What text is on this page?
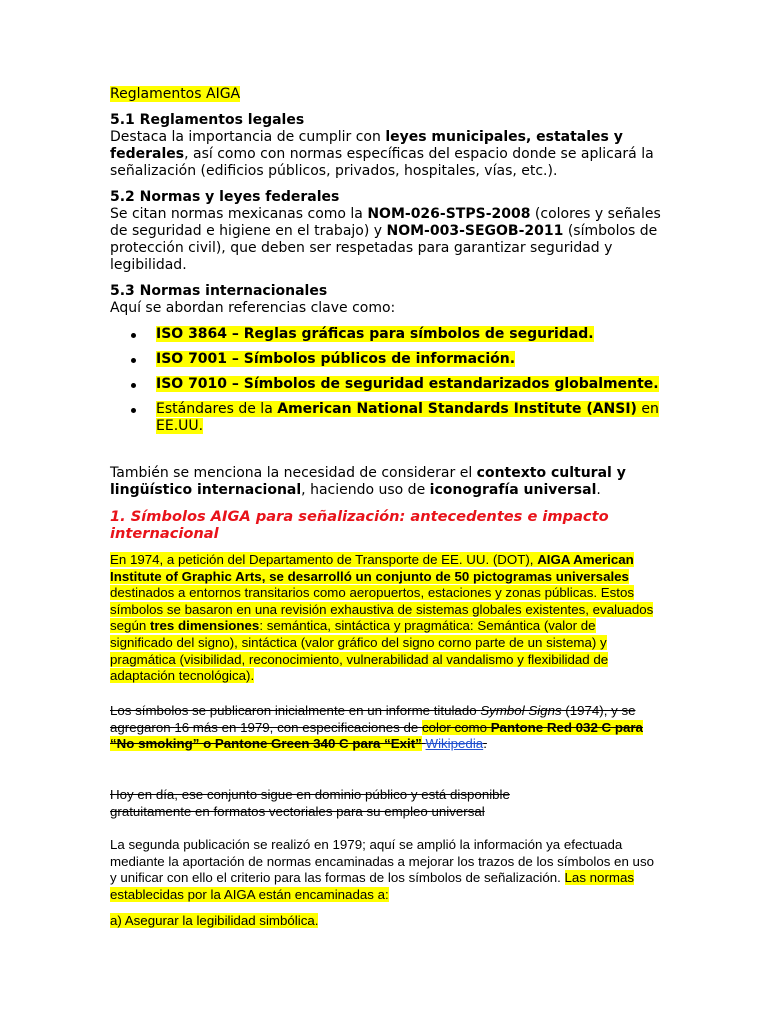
Reglamentos AIGA

5.1 Reglamentos legales
Destaca la importancia de cumplir con leyes municipales, estatales y federales, así como con normas específicas del espacio donde se aplicará la señalización (edificios públicos, privados, hospitales, vías, etc.).
5.2 Normas y leyes federales
Se citan normas mexicanas como la NOM-026-STPS-2008 (colores y señales de seguridad e higiene en el trabajo) y NOM-003-SEGOB-2011 (símbolos de protección civil), que deben ser respetadas para garantizar seguridad y legibilidad.
5.3 Normas internacionales
Aquí se abordan referencias clave como:
ISO 3864 – Reglas gráficas para símbolos de seguridad.
ISO 7001 – Símbolos públicos de información.
ISO 7010 – Símbolos de seguridad estandarizados globalmente.
Estándares de la American National Standards Institute (ANSI) en EE.UU.

También se menciona la necesidad de considerar el contexto cultural y lingüístico internacional, haciendo uso de iconografía universal.

1. Símbolos AIGA para señalización: antecedentes e impacto internacional

En 1974, a petición del Departamento de Transporte de EE. UU. (DOT), AIGA American Institute of Graphic Arts, se desarrolló un conjunto de 50 pictogramas universales destinados a entornos transitarios como aeropuertos, estaciones y zonas públicas. Estos símbolos se basaron en una revisión exhaustiva de sistemas globales existentes, evaluados según tres dimensiones: semántica, sintáctica y pragmática: Semántica (valor de significado del signo), sintáctica (valor gráfico del signo corno parte de un sistema) y pragmática (visibilidad, reconocimiento, vulnerabilidad al vandalismo y flexibilidad de adaptación tecnológica).

Los símbolos se publicaron inicialmente en un informe titulado Symbol Signs (1974), y se agregaron 16 más en 1979, con especificaciones de color como Pantone Red 032 C para “No smoking” o Pantone Green 340 C para “Exit” Wikipedia.

Hoy en día, ese conjunto sigue en dominio público y está disponible gratuitamente en formatos vectoriales para su empleo universal

La segunda publicación se realizó en 1979; aquí se amplió la información ya efectuada mediante la aportación de normas encaminadas a mejorar los trazos de los símbolos en uso y unificar con ello el criterio para las formas de los símbolos de señalización. Las normas establecidas por la AIGA están encaminadas a:

a) Asegurar la legibilidad simbólica.
